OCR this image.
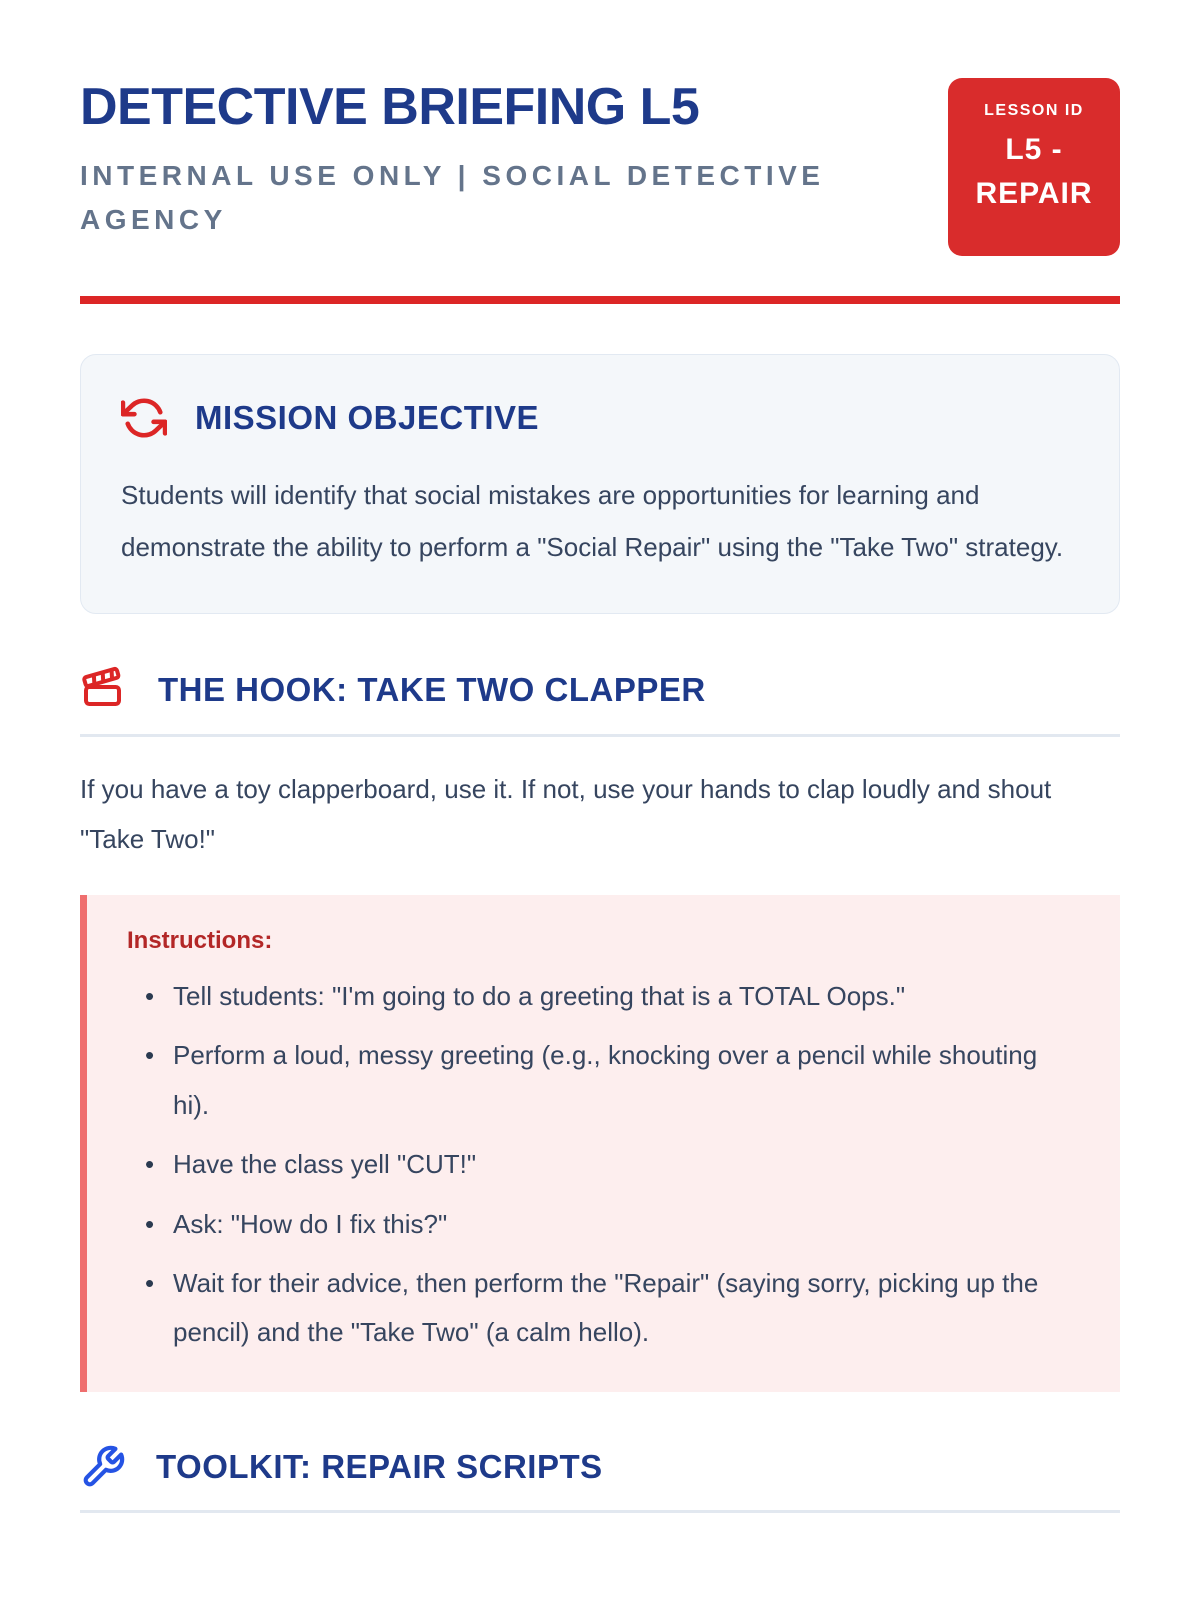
DETECTIVE BRIEFING L5

INTERNAL USE ONLY | SOCIAL DETECTIVE AGENCY

LESSON ID
L5 - REPAIR
MISSION OBJECTIVE

Students will identify that social mistakes are opportunities for learning and demonstrate the ability to perform a "Social Repair" using the "Take Two" strategy.

THE HOOK: TAKE TWO CLAPPER

If you have a toy clapperboard, use it. If not, use your hands to clap loudly and shout "Take Two!"

Instructions:
• Tell students: "I'm going to do a greeting that is a TOTAL Oops."
• Perform a loud, messy greeting (e.g., knocking over a pencil while shouting hi).
• Have the class yell "CUT!"
• Ask: "How do I fix this?"
• Wait for their advice, then perform the "Repair" (saying sorry, picking up the pencil) and the "Take Two" (a calm hello).
TOOLKIT: REPAIR SCRIPTS
